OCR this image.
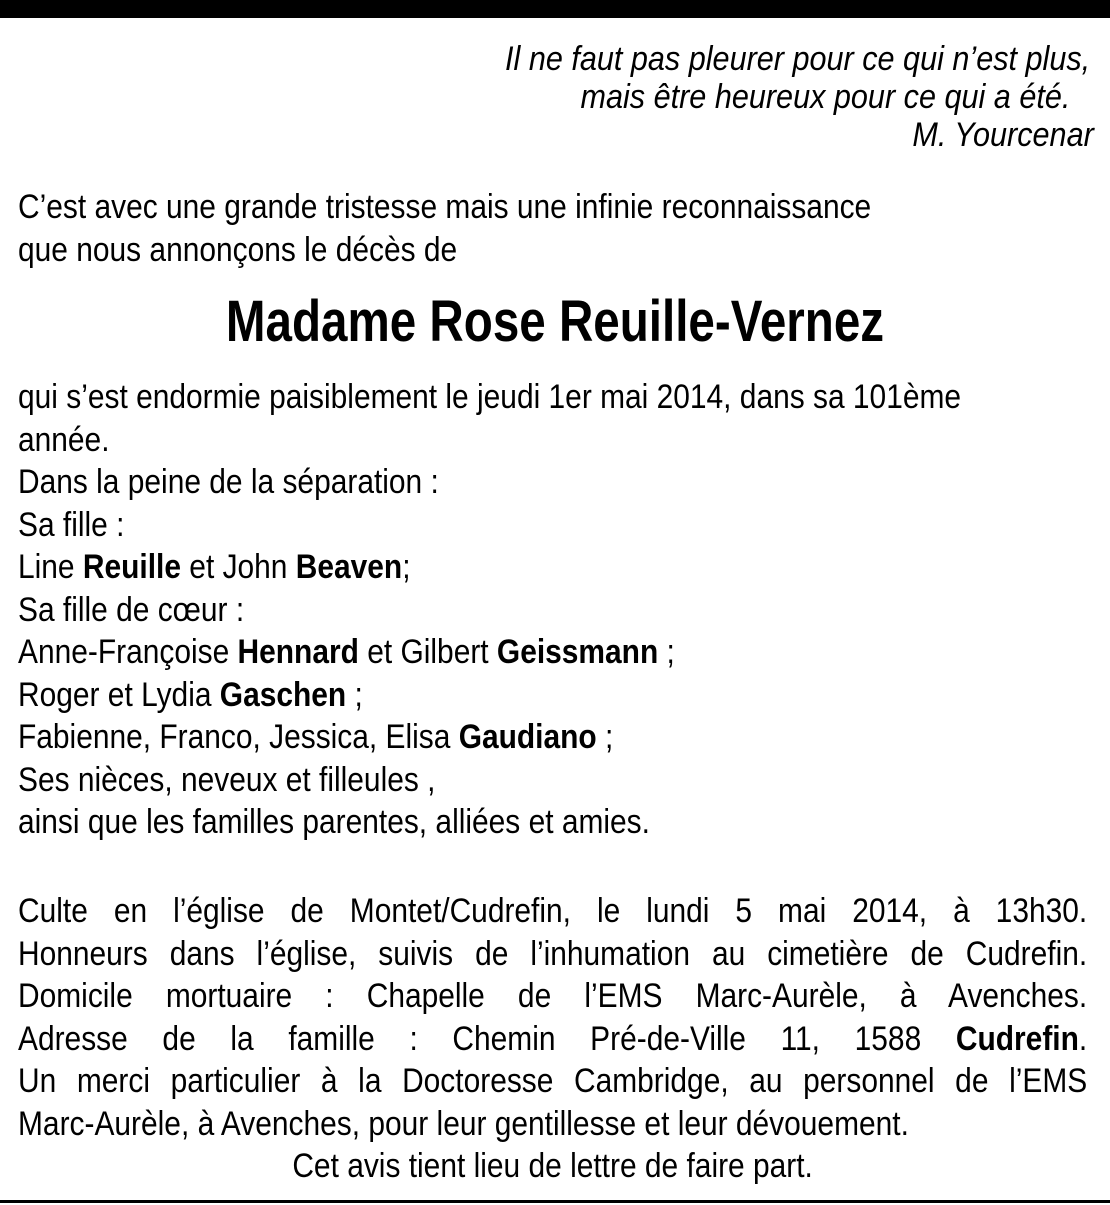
Il ne faut pas pleurer pour ce qui n’est plus,
mais être heureux pour ce qui a été.
M. Yourcenar
C’est avec une grande tristesse mais une infinie reconnaissance
que nous annonçons le décès de
Madame Rose Reuille-Vernez
qui s’est endormie paisiblement le jeudi 1er mai 2014, dans sa 101ème
année.
Dans la peine de la séparation :
Sa fille :
Line Reuille et John Beaven;
Sa fille de cœur :
Anne-Françoise Hennard et Gilbert Geissmann ;
Roger et Lydia Gaschen ;
Fabienne, Franco, Jessica, Elisa Gaudiano ;
Ses nièces, neveux et filleules ,
ainsi que les familles parentes, alliées et amies.
Culte en l’église de Montet/Cudrefin, le lundi 5 mai 2014, à 13h30.
Honneurs dans l’église, suivis de l’inhumation au cimetière de Cudrefin.
Domicile mortuaire : Chapelle de l’EMS Marc-Aurèle, à Avenches.
Adresse de la famille : Chemin Pré-de-Ville 11, 1588 Cudrefin.
Un merci particulier à la Doctoresse Cambridge, au personnel de l’EMS
Marc-Aurèle, à Avenches, pour leur gentillesse et leur dévouement.
Cet avis tient lieu de lettre de faire part.
